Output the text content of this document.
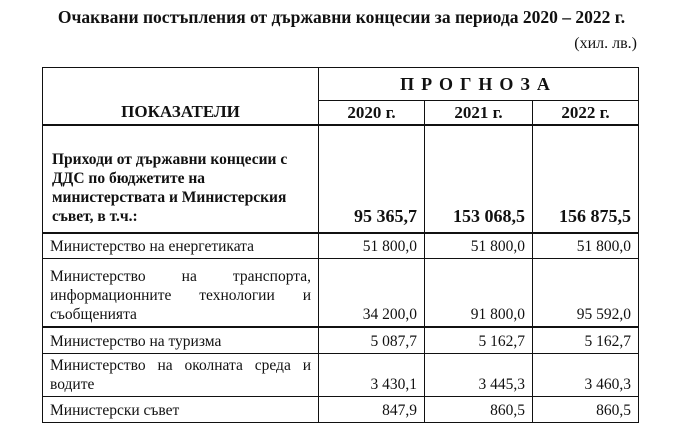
Очаквани постъпления от държавни концесии за периода 2020 – 2022 г.
(хил. лв.)
ПОКАЗАТЕЛИ	ПРОГНОЗА		
	2020 г.	2021 г.	2022 г.
Приходи от държавни концесии с ДДС по бюджетите на министерствата и Министерския съвет, в т.ч.:	95 365,7	153 068,5	156 875,5
Министерство на енергетиката	51 800,0	51 800,0	51 800,0
Министерство на транспорта, информационните технологии и съобщенията	34 200,0	91 800,0	95 592,0
Министерство на туризма	5 087,7	5 162,7	5 162,7
Министерство на околната среда и водите	3 430,1	3 445,3	3 460,3
Министерски съвет	847,9	860,5	860,5
